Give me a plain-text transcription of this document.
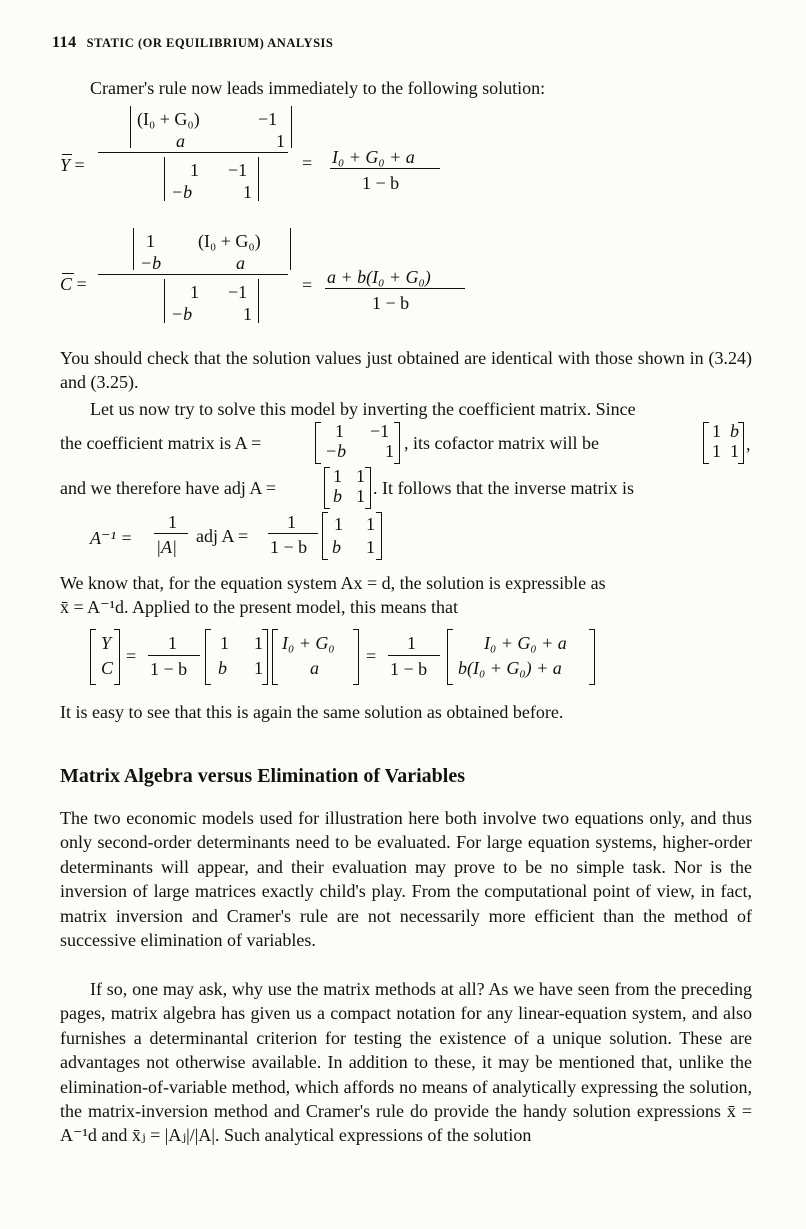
114 STATIC (OR EQUILIBRIUM) ANALYSIS
Cramer's rule now leads immediately to the following solution:
Y =
(I₀ + G₀)	−1
a	1
1 −1
−b	1
= I₀ + G₀ + a
1 − b
C =
1 (I₀ + G₀)
−b	a
1 −1
−b	1
= a + b(I₀ + G₀)
1 − b
You should check that the solution values just obtained are identical with those shown in (3.24) and (3.25).
Let us now try to solve this model by inverting the coefficient matrix. Since
the coefficient matrix is A =
1 −1
−b 1 , its cofactor matrix will be
1 b
1 1 ,
and we therefore have adj A =
1 1
b 1 . It follows that the inverse matrix is
A⁻¹ =
1
|A|
adj A =
1
1 − b
1 1
b 1
We know that, for the equation system Ax = d, the solution is expressible as
x̄ = A⁻¹d. Applied to the present model, this means that
Y
C
=
1
1 − b
1 1
b 1
I₀ + G₀
a
=
1
1 − b
I₀ + G₀ + a
b(I₀ + G₀) + a
It is easy to see that this is again the same solution as obtained before.
Matrix Algebra versus Elimination of Variables
The two economic models used for illustration here both involve two equations only, and thus only second-order determinants need to be evaluated. For large equation systems, higher-order determinants will appear, and their evaluation may prove to be no simple task. Nor is the inversion of large matrices exactly child's play. From the computational point of view, in fact, matrix inversion and Cramer's rule are not necessarily more efficient than the method of successive elimination of variables.
If so, one may ask, why use the matrix methods at all? As we have seen from the preceding pages, matrix algebra has given us a compact notation for any linear-equation system, and also furnishes a determinantal criterion for testing the existence of a unique solution. These are advantages not otherwise available. In addition to these, it may be mentioned that, unlike the elimination-of-variable method, which affords no means of analytically expressing the solution, the matrix-inversion method and Cramer's rule do provide the handy solution expressions x̄ = A⁻¹d and x̄ⱼ = |Aⱼ|/|A|. Such analytical expressions of the solution
